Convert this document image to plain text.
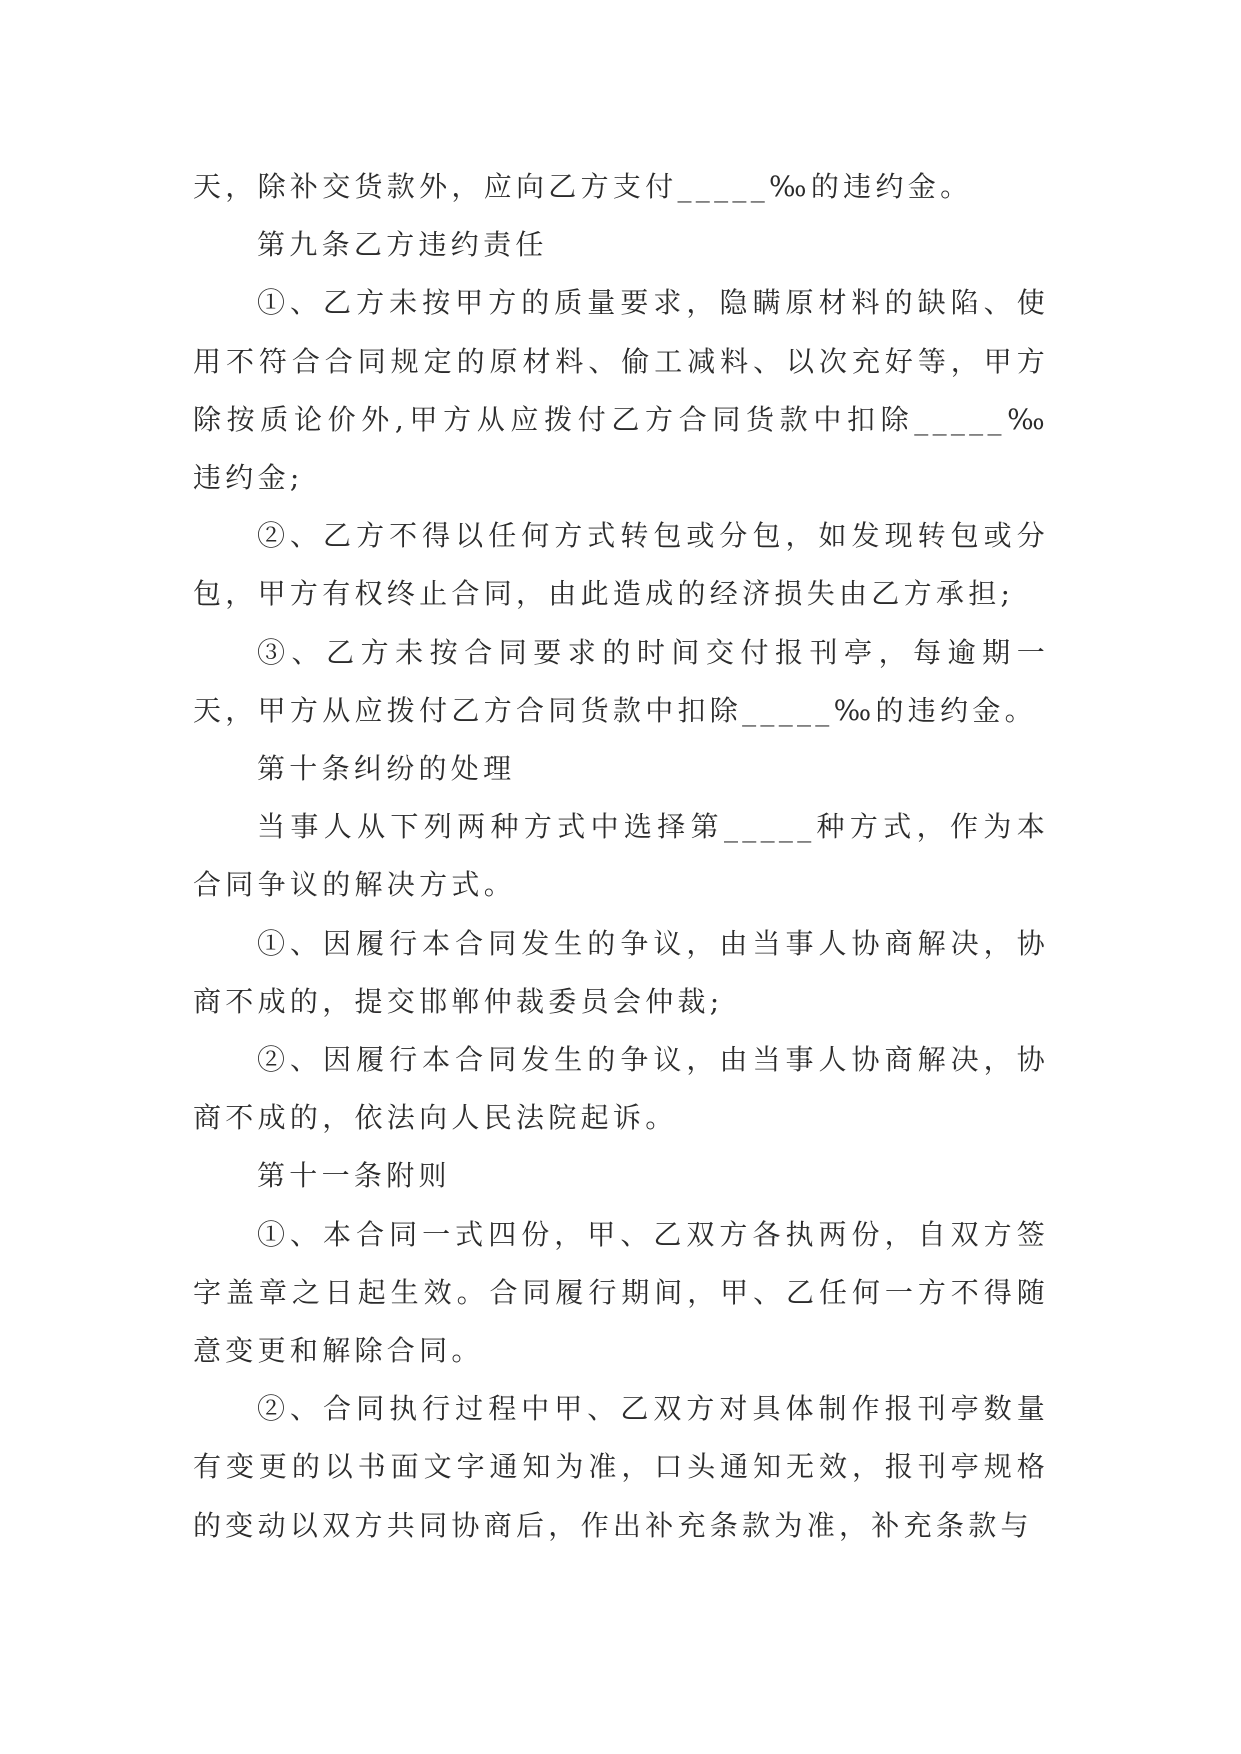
天，除补交货款外，应向乙方支付_____‰的违约金。

第九条乙方违约责任

①、乙方未按甲方的质量要求，隐瞒原材料的缺陷、使用不符合合同规定的原材料、偷工减料、以次充好等，甲方除按质论价外,甲方从应拨付乙方合同货款中扣除_____‰违约金;

②、乙方不得以任何方式转包或分包，如发现转包或分包，甲方有权终止合同，由此造成的经济损失由乙方承担;

③、乙方未按合同要求的时间交付报刊亭，每逾期一天，甲方从应拨付乙方合同货款中扣除_____‰的违约金。

第十条纠纷的处理

当事人从下列两种方式中选择第_____种方式，作为本合同争议的解决方式。

①、因履行本合同发生的争议，由当事人协商解决，协商不成的，提交邯郸仲裁委员会仲裁;

②、因履行本合同发生的争议，由当事人协商解决，协商不成的，依法向人民法院起诉。

第十一条附则

①、本合同一式四份，甲、乙双方各执两份，自双方签字盖章之日起生效。合同履行期间，甲、乙任何一方不得随意变更和解除合同。

②、合同执行过程中甲、乙双方对具体制作报刊亭数量有变更的以书面文字通知为准，口头通知无效，报刊亭规格的变动以双方共同协商后，作出补充条款为准，补充条款与
